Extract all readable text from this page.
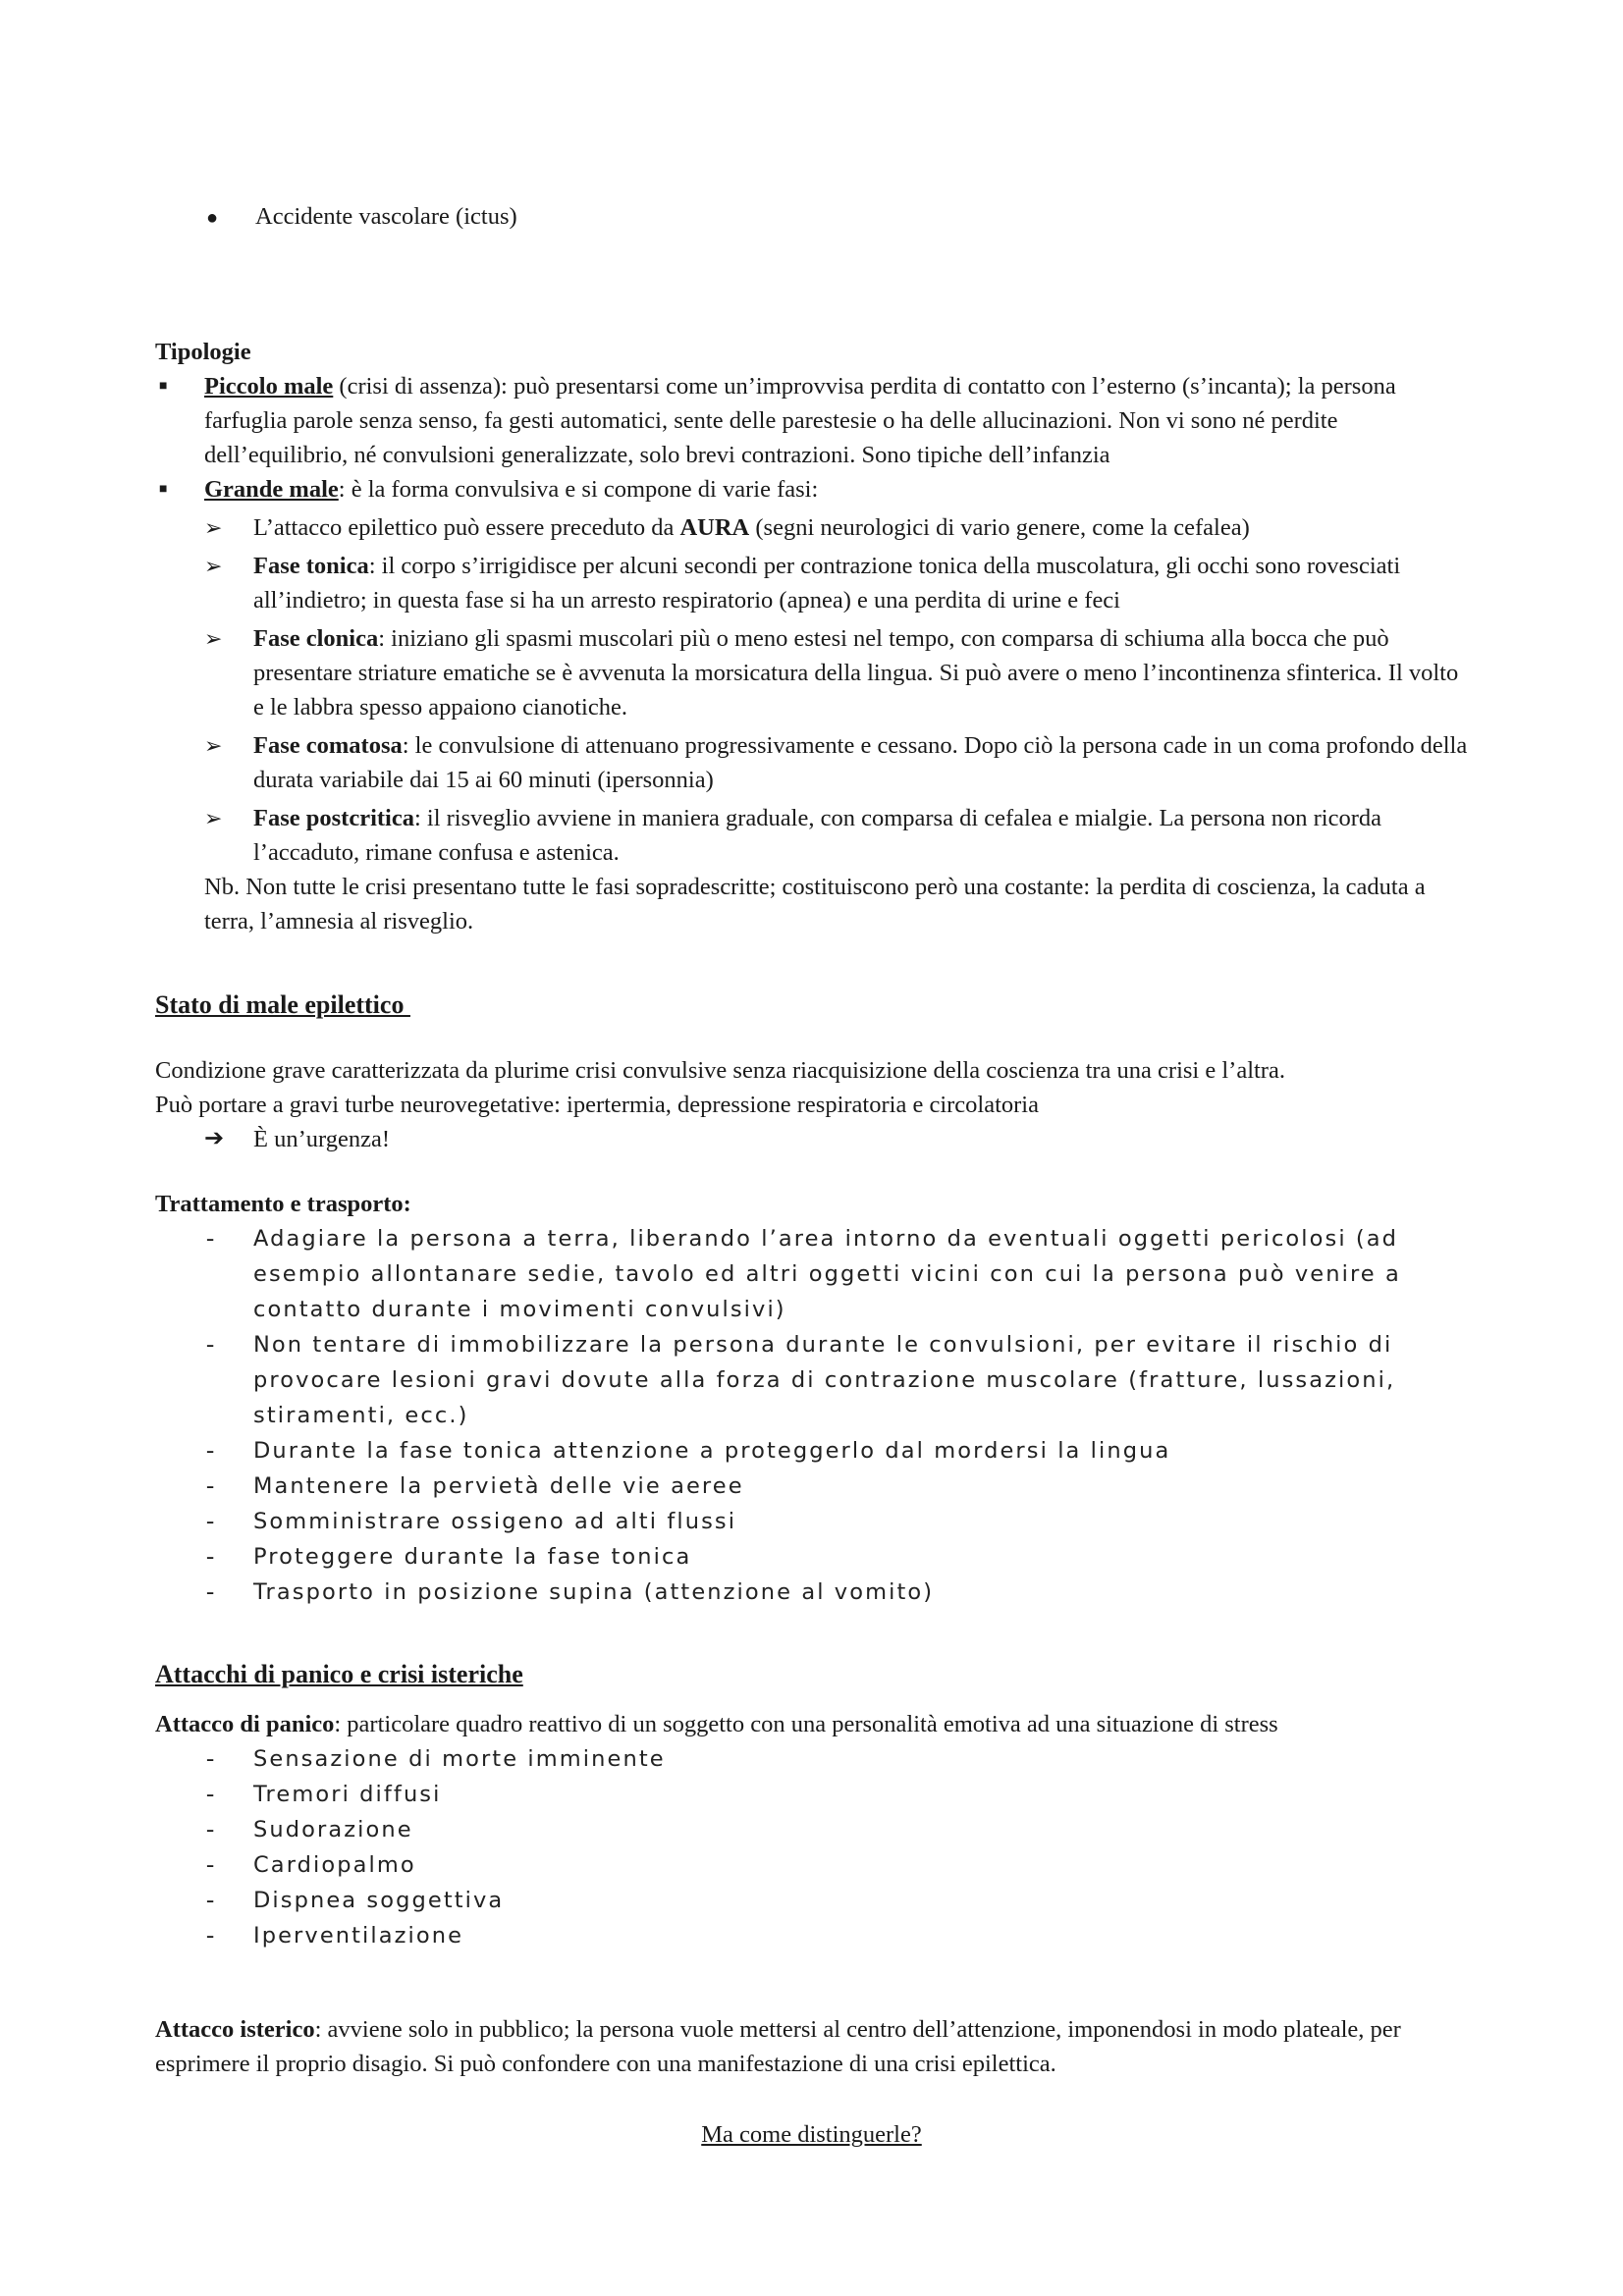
●	Accidente vascolare (ictus)
Tipologie
■	Piccolo male (crisi di assenza): può presentarsi come un’improvvisa perdita di contatto con l’esterno (s’incanta); la persona farfuglia parole senza senso, fa gesti automatici, sente delle parestesie o ha delle allucinazioni. Non vi sono né perdite dell’equilibrio, né convulsioni generalizzate, solo brevi contrazioni. Sono tipiche dell’infanzia
■	Grande male: è la forma convulsiva e si compone di varie fasi:
➢	L’attacco epilettico può essere preceduto da AURA (segni neurologici di vario genere, come la cefalea)
➢	Fase tonica: il corpo s’irrigidisce per alcuni secondi per contrazione tonica della muscolatura, gli occhi sono rovesciati all’indietro; in questa fase si ha un arresto respiratorio (apnea) e una perdita di urine e feci
➢	Fase clonica: iniziano gli spasmi muscolari più o meno estesi nel tempo, con comparsa di schiuma alla bocca che può presentare striature ematiche se è avvenuta la morsicatura della lingua. Si può avere o meno l’incontinenza sfinterica. Il volto e le labbra spesso appaiono cianotiche.
➢	Fase comatosa: le convulsione di attenuano progressivamente e cessano. Dopo ciò la persona cade in un coma profondo della durata variabile dai 15 ai 60 minuti (ipersonnia)
➢	Fase postcritica: il risveglio avviene in maniera graduale, con comparsa di cefalea e mialgie. La persona non ricorda l’accaduto, rimane confusa e astenica.
Nb. Non tutte le crisi presentano tutte le fasi sopradescritte; costituiscono però una costante: la perdita di coscienza, la caduta a terra, l’amnesia al risveglio.
Stato di male epilettico

Condizione grave caratterizzata da plurime crisi convulsive senza riacquisizione della coscienza tra una crisi e l’altra.

Può portare a gravi turbe neurovegetative: ipertermia, depressione respiratoria e circolatoria

➔	È un’urgenza!
Trattamento e trasporto:
-	Adagiare la persona a terra, liberando l’area intorno da eventuali oggetti pericolosi (ad esempio allontanare sedie, tavolo ed altri oggetti vicini con cui la persona può venire a contatto durante i movimenti convulsivi)
-	Non tentare di immobilizzare la persona durante le convulsioni, per evitare il rischio di provocare lesioni gravi dovute alla forza di contrazione muscolare (fratture, lussazioni, stiramenti, ecc.)
-	Durante la fase tonica attenzione a proteggerlo dal mordersi la lingua
-	Mantenere la pervietà delle vie aeree
-	Somministrare ossigeno ad alti flussi
-	Proteggere durante la fase tonica
-	Trasporto in posizione supina (attenzione al vomito)
Attacchi di panico e crisi isteriche
Attacco di panico: particolare quadro reattivo di un soggetto con una personalità emotiva ad una situazione di stress
-	Sensazione di morte imminente
-	Tremori diffusi
-	Sudorazione
-	Cardiopalmo
-	Dispnea soggettiva
-	Iperventilazione
Attacco isterico: avviene solo in pubblico; la persona vuole mettersi al centro dell’attenzione, imponendosi in modo plateale, per esprimere il proprio disagio. Si può confondere con una manifestazione di una crisi epilettica.
Ma come distinguerle?
